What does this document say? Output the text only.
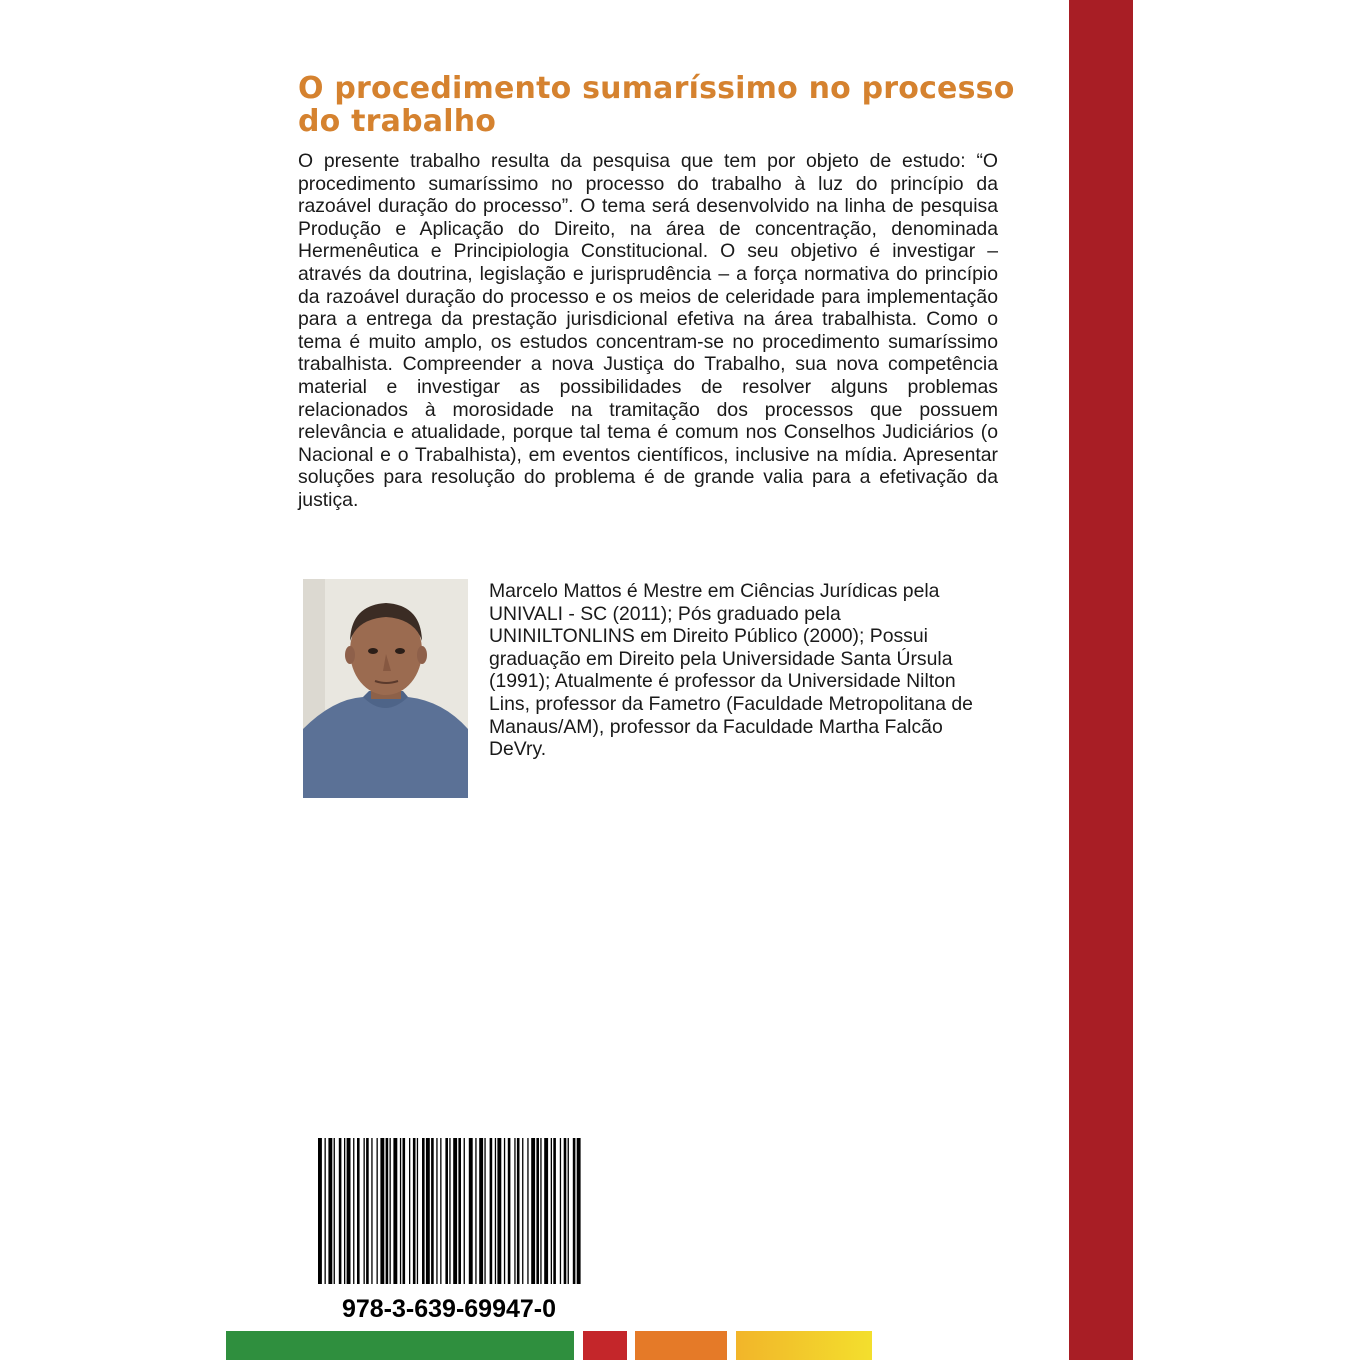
O procedimento sumaríssimo no processo do trabalho

O presente trabalho resulta da pesquisa que tem por objeto de estudo: “O procedimento sumaríssimo no processo do trabalho à luz do princípio da razoável duração do processo”. O tema será desenvolvido na linha de pesquisa Produção e Aplicação do Direito, na área de concentração, denominada Hermenêutica e Principiologia Constitucional. O seu objetivo é investigar – através da doutrina, legislação e jurisprudência – a força normativa do princípio da razoável duração do processo e os meios de celeridade para implementação para a entrega da prestação jurisdicional efetiva na área trabalhista. Como o tema é muito amplo, os estudos concentram-se no procedimento sumaríssimo trabalhista. Compreender a nova Justiça do Trabalho, sua nova competência material e investigar as possibilidades de resolver alguns problemas relacionados à morosidade na tramitação dos processos que possuem relevância e atualidade, porque tal tema é comum nos Conselhos Judiciários (o Nacional e o Trabalhista), em eventos científicos, inclusive na mídia. Apresentar soluções para resolução do problema é de grande valia para a efetivação da justiça.

Marcelo Mattos é Mestre em Ciências Jurídicas pela UNIVALI - SC (2011); Pós graduado pela UNINILTONLINS em Direito Público (2000); Possui graduação em Direito pela Universidade Santa Úrsula (1991); Atualmente é professor da Universidade Nilton Lins, professor da Fametro (Faculdade Metropolitana de Manaus/AM), professor da Faculdade Martha Falcão DeVry.

978-3-639-69947-0
